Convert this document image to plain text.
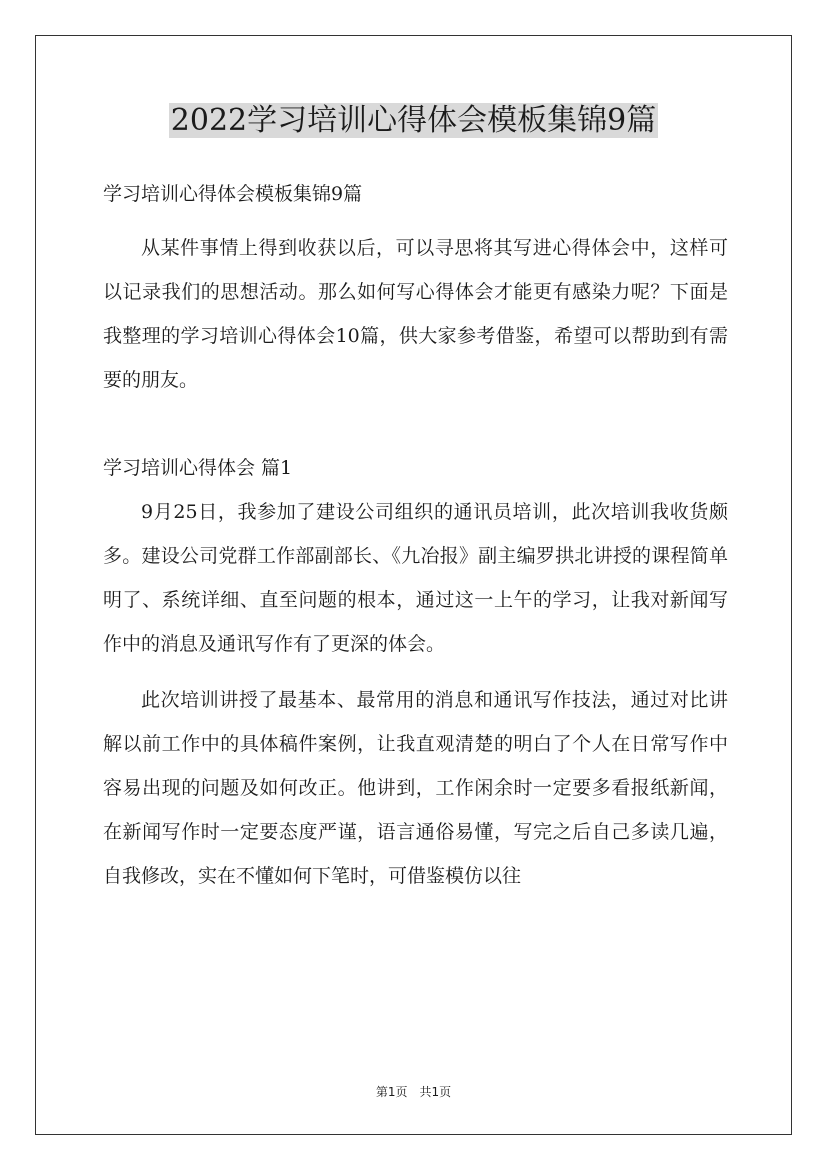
2022学习培训心得体会模板集锦9篇

学习培训心得体会模板集锦9篇

从某件事情上得到收获以后，可以寻思将其写进心得体会中，这样可以记录我们的思想活动。那么如何写心得体会才能更有感染力呢？下面是我整理的学习培训心得体会10篇，供大家参考借鉴，希望可以帮助到有需要的朋友。

学习培训心得体会 篇1

9月25日，我参加了建设公司组织的通讯员培训，此次培训我收货颇多。建设公司党群工作部副部长、《九冶报》副主编罗拱北讲授的课程简单明了、系统详细、直至问题的根本，通过这一上午的学习，让我对新闻写作中的消息及通讯写作有了更深的体会。

此次培训讲授了最基本、最常用的消息和通讯写作技法，通过对比讲解以前工作中的具体稿件案例，让我直观清楚的明白了个人在日常写作中容易出现的问题及如何改正。他讲到，工作闲余时一定要多看报纸新闻，在新闻写作时一定要态度严谨，语言通俗易懂，写完之后自己多读几遍，自我修改，实在不懂如何下笔时，可借鉴模仿以往

第1页 共1页
